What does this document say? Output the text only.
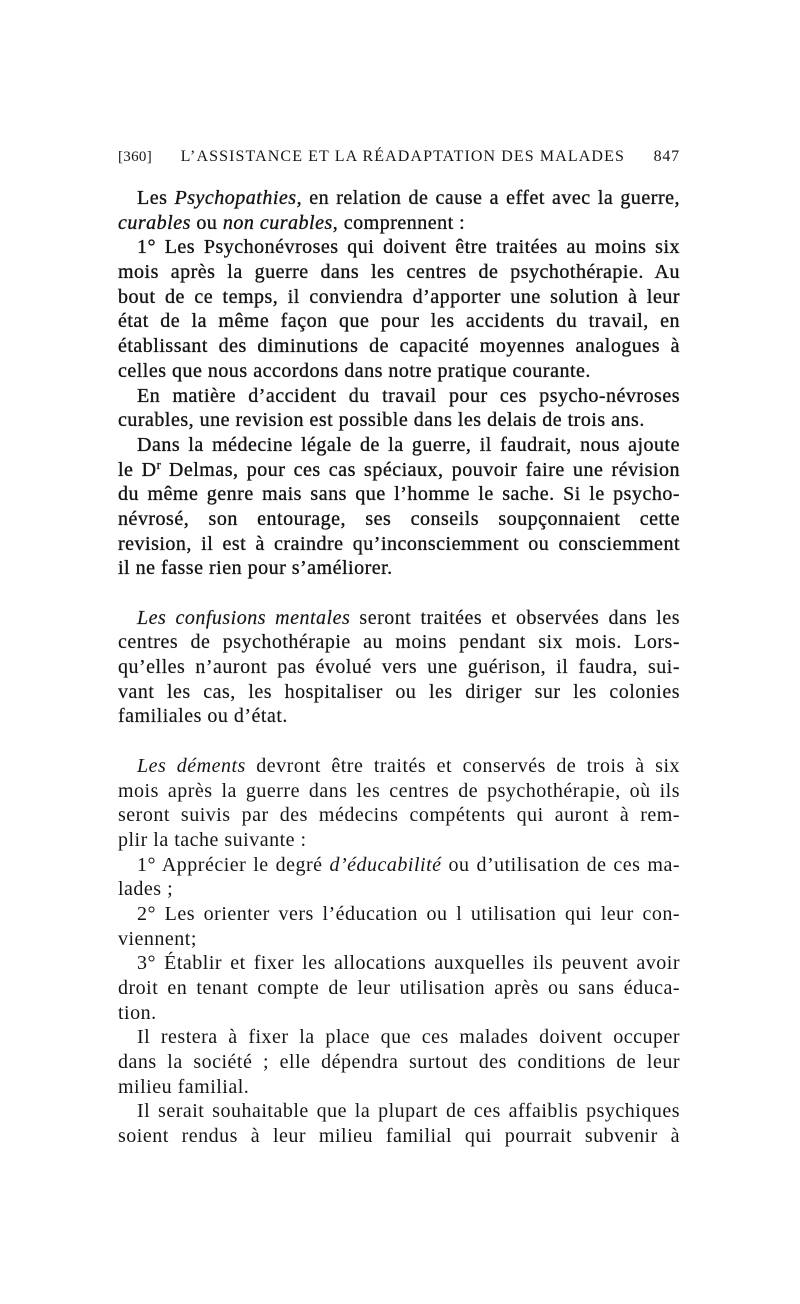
[360] L’ASSISTANCE ET LA RÉADAPTATION DES MALADES 847
Les Psychopathies, en relation de cause a effet avec la guerre,
curables ou non curables, comprennent :
1° Les Psychonévroses qui doivent être traitées au moins six
mois après la guerre dans les centres de psychothérapie. Au
bout de ce temps, il conviendra d’apporter une solution à leur
état de la même façon que pour les accidents du travail, en
établissant des diminutions de capacité moyennes analogues à
celles que nous accordons dans notre pratique courante.
En matière d’accident du travail pour ces psycho-névroses
curables, une revision est possible dans les delais de trois ans.
Dans la médecine légale de la guerre, il faudrait, nous ajoute
le $D^r$ Delmas, pour ces cas spéciaux, pouvoir faire une révision
du même genre mais sans que l’homme le sache. Si le psycho-
névrosé, son entourage, ses conseils soupçonnaient cette
revision, il est à craindre qu’inconsciemment ou consciemment
il ne fasse rien pour s’améliorer.
Les confusions mentales seront traitées et observées dans les
centres de psychothérapie au moins pendant six mois. Lors-
qu’elles n’auront pas évolué vers une guérison, il faudra, sui-
vant les cas, les hospitaliser ou les diriger sur les colonies
familiales ou d’état.
Les déments devront être traités et conservés de trois à six
mois après la guerre dans les centres de psychothérapie, où ils
seront suivis par des médecins compétents qui auront à rem-
plir la tache suivante :
1° Apprécier le degré d’éducabilité ou d’utilisation de ces ma-
lades ;
2° Les orienter vers l’éducation ou l utilisation qui leur con-
viennent;
3° Établir et fixer les allocations auxquelles ils peuvent avoir
droit en tenant compte de leur utilisation après ou sans éduca-
tion.
Il restera à fixer la place que ces malades doivent occuper
dans la société ; elle dépendra surtout des conditions de leur
milieu familial.
Il serait souhaitable que la plupart de ces affaiblis psychiques
soient rendus à leur milieu familial qui pourrait subvenir à
